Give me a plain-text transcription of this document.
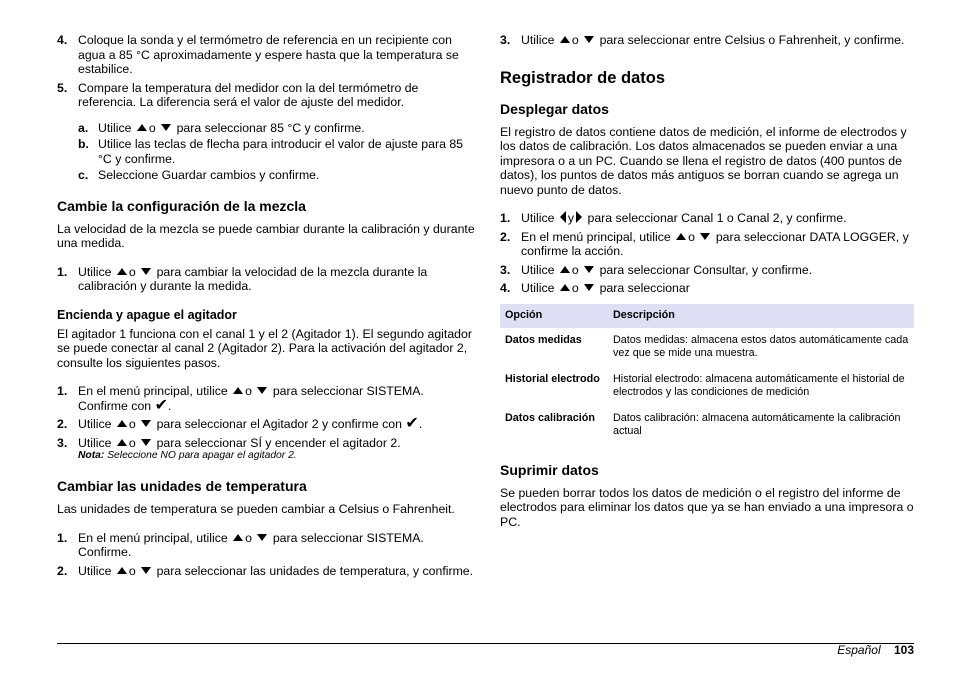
4. Coloque la sonda y el termómetro de referencia en un recipiente con agua a 85 °C aproximadamente y espere hasta que la temperatura se estabilice.
5. Compare la temperatura del medidor con la del termómetro de referencia. La diferencia será el valor de ajuste del medidor.
a. Utilice o para seleccionar 85 °C y confirme.
b. Utilice las teclas de flecha para introducir el valor de ajuste para 85 °C y confirme.
c. Seleccione Guardar cambios y confirme.
Cambie la configuración de la mezcla

La velocidad de la mezcla se puede cambiar durante la calibración y durante una medida.

1. Utilice o para cambiar la velocidad de la mezcla durante la calibración y durante la medida.
Encienda y apague el agitador

El agitador 1 funciona con el canal 1 y el 2 (Agitador 1). El segundo agitador se puede conectar al canal 2 (Agitador 2). Para la activación del agitador 2, consulte los siguientes pasos.

1. En el menú principal, utilice o para seleccionar SISTEMA. Confirme con ✔.
2. Utilice o para seleccionar el Agitador 2 y confirme con ✔.
3. Utilice o para seleccionar SÍ y encender el agitador 2.
Nota: Seleccione NO para apagar el agitador 2.
Cambiar las unidades de temperatura

Las unidades de temperatura se pueden cambiar a Celsius o Fahrenheit.

1. En el menú principal, utilice o para seleccionar SISTEMA. Confirme.
2. Utilice o para seleccionar las unidades de temperatura, y confirme.
3. Utilice o para seleccionar entre Celsius o Fahrenheit, y confirme.
Registrador de datos
Desplegar datos

El registro de datos contiene datos de medición, el informe de electrodos y los datos de calibración. Los datos almacenados se pueden enviar a una impresora o a un PC. Cuando se llena el registro de datos (400 puntos de datos), los puntos de datos más antiguos se borran cuando se agrega un nuevo punto de datos.

1. Utilice y para seleccionar Canal 1 o Canal 2, y confirme.
2. En el menú principal, utilice o para seleccionar DATA LOGGER, y confirme la acción.
3. Utilice o para seleccionar Consultar, y confirme.
4. Utilice o para seleccionar
Opción	Descripción
Datos medidas	Datos medidas: almacena estos datos automáticamente cada vez que se mide una muestra.
Historial electrodo	Historial electrodo: almacena automáticamente el historial de electrodos y las condiciones de medición
Datos calibración	Datos calibración: almacena automáticamente la calibración actual
Suprimir datos

Se pueden borrar todos los datos de medición o el registro del informe de electrodos para eliminar los datos que ya se han enviado a una impresora o PC.

Español 103
